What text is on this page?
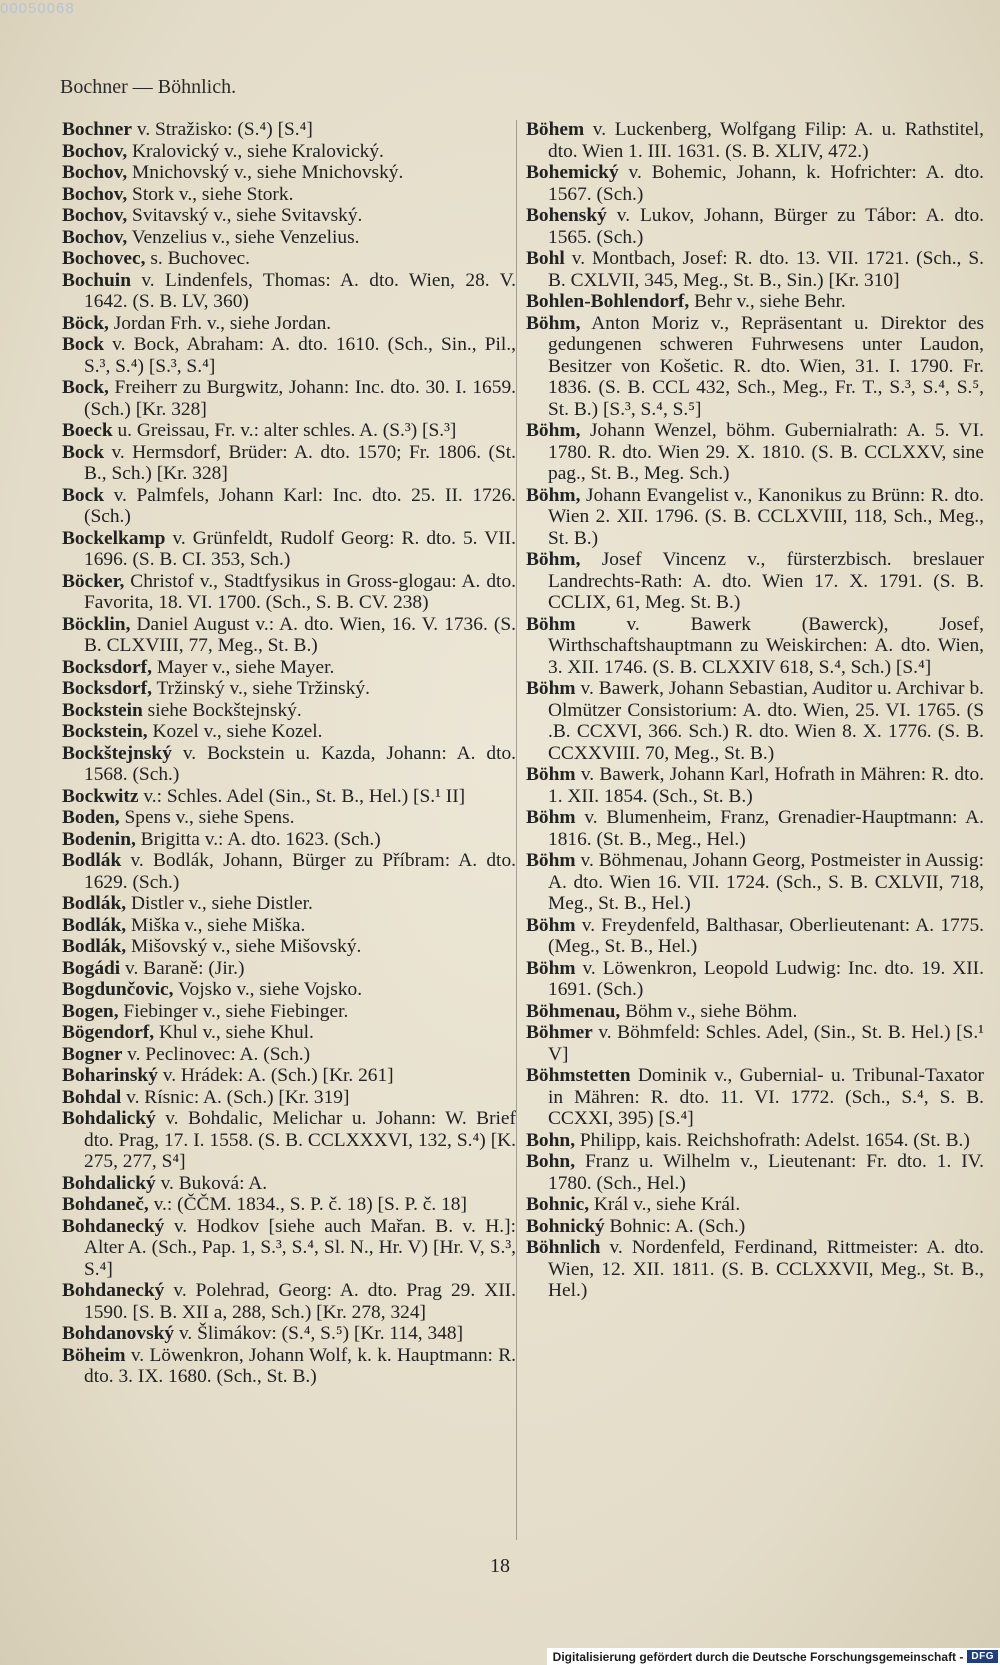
00050068
Bochner — Böhnlich.
Bochner v. Stražisko: (S.⁴) [S.⁴]
Bochov, Kralovický v., siehe Kralovický.
Bochov, Mnichovský v., siehe Mnichovský.
Bochov, Stork v., siehe Stork.
Bochov, Svitavský v., siehe Svitavský.
Bochov, Venzelius v., siehe Venzelius.
Bochovec, s. Buchovec.
Bochuin v. Lindenfels, Thomas: A. dto. Wien, 28. V. 1642. (S. B. LV, 360)
Böck, Jordan Frh. v., siehe Jordan.
Bock v. Bock, Abraham: A. dto. 1610. (Sch., Sin., Pil., S.³, S.⁴) [S.³, S.⁴]
Bock, Freiherr zu Burgwitz, Johann: Inc. dto. 30. I. 1659. (Sch.) [Kr. 328]
Boeck u. Greissau, Fr. v.: alter schles. A. (S.³) [S.³]
Bock v. Hermsdorf, Brüder: A. dto. 1570; Fr. 1806. (St. B., Sch.) [Kr. 328]
Bock v. Palmfels, Johann Karl: Inc. dto. 25. II. 1726. (Sch.)
Bockelkamp v. Grünfeldt, Rudolf Georg: R. dto. 5. VII. 1696. (S. B. CI. 353, Sch.)
Böcker, Christof v., Stadtfysikus in Gross-glogau: A. dto. Favorita, 18. VI. 1700. (Sch., S. B. CV. 238)
Böcklin, Daniel August v.: A. dto. Wien, 16. V. 1736. (S. B. CLXVIII, 77, Meg., St. B.)
Bocksdorf, Mayer v., siehe Mayer.
Bocksdorf, Tržinský v., siehe Tržinský.
Bockstein siehe Bockštejnský.
Bockstein, Kozel v., siehe Kozel.
Bockštejnský v. Bockstein u. Kazda, Johann: A. dto. 1568. (Sch.)
Bockwitz v.: Schles. Adel (Sin., St. B., Hel.) [S.¹ II]
Boden, Spens v., siehe Spens.
Bodenin, Brigitta v.: A. dto. 1623. (Sch.)
Bodlák v. Bodlák, Johann, Bürger zu Příbram: A. dto. 1629. (Sch.)
Bodlák, Distler v., siehe Distler.
Bodlák, Miška v., siehe Miška.
Bodlák, Mišovský v., siehe Mišovský.
Bogádi v. Baraně: (Jir.)
Bogdunčovic, Vojsko v., siehe Vojsko.
Bogen, Fiebinger v., siehe Fiebinger.
Bögendorf, Khul v., siehe Khul.
Bogner v. Peclinovec: A. (Sch.)
Boharinský v. Hrádek: A. (Sch.) [Kr. 261]
Bohdal v. Rísnic: A. (Sch.) [Kr. 319]
Bohdalický v. Bohdalic, Melichar u. Johann: W. Brief dto. Prag, 17. I. 1558. (S. B. CCLXXXVI, 132, S.⁴) [K. 275, 277, S⁴]
Bohdalický v. Buková: A.
Bohdaneč, v.: (ČČM. 1834., S. P. č. 18) [S. P. č. 18]
Bohdanecký v. Hodkov [siehe auch Mařan. B. v. H.]: Alter A. (Sch., Pap. 1, S.³, S.⁴, Sl. N., Hr. V) [Hr. V, S.³, S.⁴]
Bohdanecký v. Polehrad, Georg: A. dto. Prag 29. XII. 1590. [S. B. XII a, 288, Sch.) [Kr. 278, 324]
Bohdanovský v. Šlimákov: (S.⁴, S.⁵) [Kr. 114, 348]
Böheim v. Löwenkron, Johann Wolf, k. k. Hauptmann: R. dto. 3. IX. 1680. (Sch., St. B.)
Böhem v. Luckenberg, Wolfgang Filip: A. u. Rathstitel, dto. Wien 1. III. 1631. (S. B. XLIV, 472.)
Bohemický v. Bohemic, Johann, k. Hofrichter: A. dto. 1567. (Sch.)
Bohenský v. Lukov, Johann, Bürger zu Tábor: A. dto. 1565. (Sch.)
Bohl v. Montbach, Josef: R. dto. 13. VII. 1721. (Sch., S. B. CXLVII, 345, Meg., St. B., Sin.) [Kr. 310]
Bohlen-Bohlendorf, Behr v., siehe Behr.
Böhm, Anton Moriz v., Repräsentant u. Direktor des gedungenen schweren Fuhrwesens unter Laudon, Besitzer von Košetic. R. dto. Wien, 31. I. 1790. Fr. 1836. (S. B. CCL 432, Sch., Meg., Fr. T., S.³, S.⁴, S.⁵, St. B.) [S.³, S.⁴, S.⁵]
Böhm, Johann Wenzel, böhm. Gubernialrath: A. 5. VI. 1780. R. dto. Wien 29. X. 1810. (S. B. CCLXXV, sine pag., St. B., Meg. Sch.)
Böhm, Johann Evangelist v., Kanonikus zu Brünn: R. dto. Wien 2. XII. 1796. (S. B. CCLXVIII, 118, Sch., Meg., St. B.)
Böhm, Josef Vincenz v., fürsterzbisch. breslauer Landrechts-Rath: A. dto. Wien 17. X. 1791. (S. B. CCLIX, 61, Meg. St. B.)
Böhm v. Bawerk (Bawerck), Josef, Wirthschaftshauptmann zu Weiskirchen: A. dto. Wien, 3. XII. 1746. (S. B. CLXXIV 618, S.⁴, Sch.) [S.⁴]
Böhm v. Bawerk, Johann Sebastian, Auditor u. Archivar b. Olmützer Consistorium: A. dto. Wien, 25. VI. 1765. (S .B. CCXVI, 366. Sch.) R. dto. Wien 8. X. 1776. (S. B. CCXXVIII. 70, Meg., St. B.)
Böhm v. Bawerk, Johann Karl, Hofrath in Mähren: R. dto. 1. XII. 1854. (Sch., St. B.)
Böhm v. Blumenheim, Franz, Grenadier-Hauptmann: A. 1816. (St. B., Meg., Hel.)
Böhm v. Böhmenau, Johann Georg, Postmeister in Aussig: A. dto. Wien 16. VII. 1724. (Sch., S. B. CXLVII, 718, Meg., St. B., Hel.)
Böhm v. Freydenfeld, Balthasar, Oberlieutenant: A. 1775. (Meg., St. B., Hel.)
Böhm v. Löwenkron, Leopold Ludwig: Inc. dto. 19. XII. 1691. (Sch.)
Böhmenau, Böhm v., siehe Böhm.
Böhmer v. Böhmfeld: Schles. Adel, (Sin., St. B. Hel.) [S.¹ V]
Böhmstetten Dominik v., Gubernial- u. Tribunal-Taxator in Mähren: R. dto. 11. VI. 1772. (Sch., S.⁴, S. B. CCXXI, 395) [S.⁴]
Bohn, Philipp, kais. Reichshofrath: Adelst. 1654. (St. B.)
Bohn, Franz u. Wilhelm v., Lieutenant: Fr. dto. 1. IV. 1780. (Sch., Hel.)
Bohnic, Král v., siehe Král.
Bohnický Bohnic: A. (Sch.)
Böhnlich v. Nordenfeld, Ferdinand, Rittmeister: A. dto. Wien, 12. XII. 1811. (S. B. CCLXXVII, Meg., St. B., Hel.)
18
Digitalisierung gefördert durch die Deutsche Forschungsgemeinschaft - DFG
